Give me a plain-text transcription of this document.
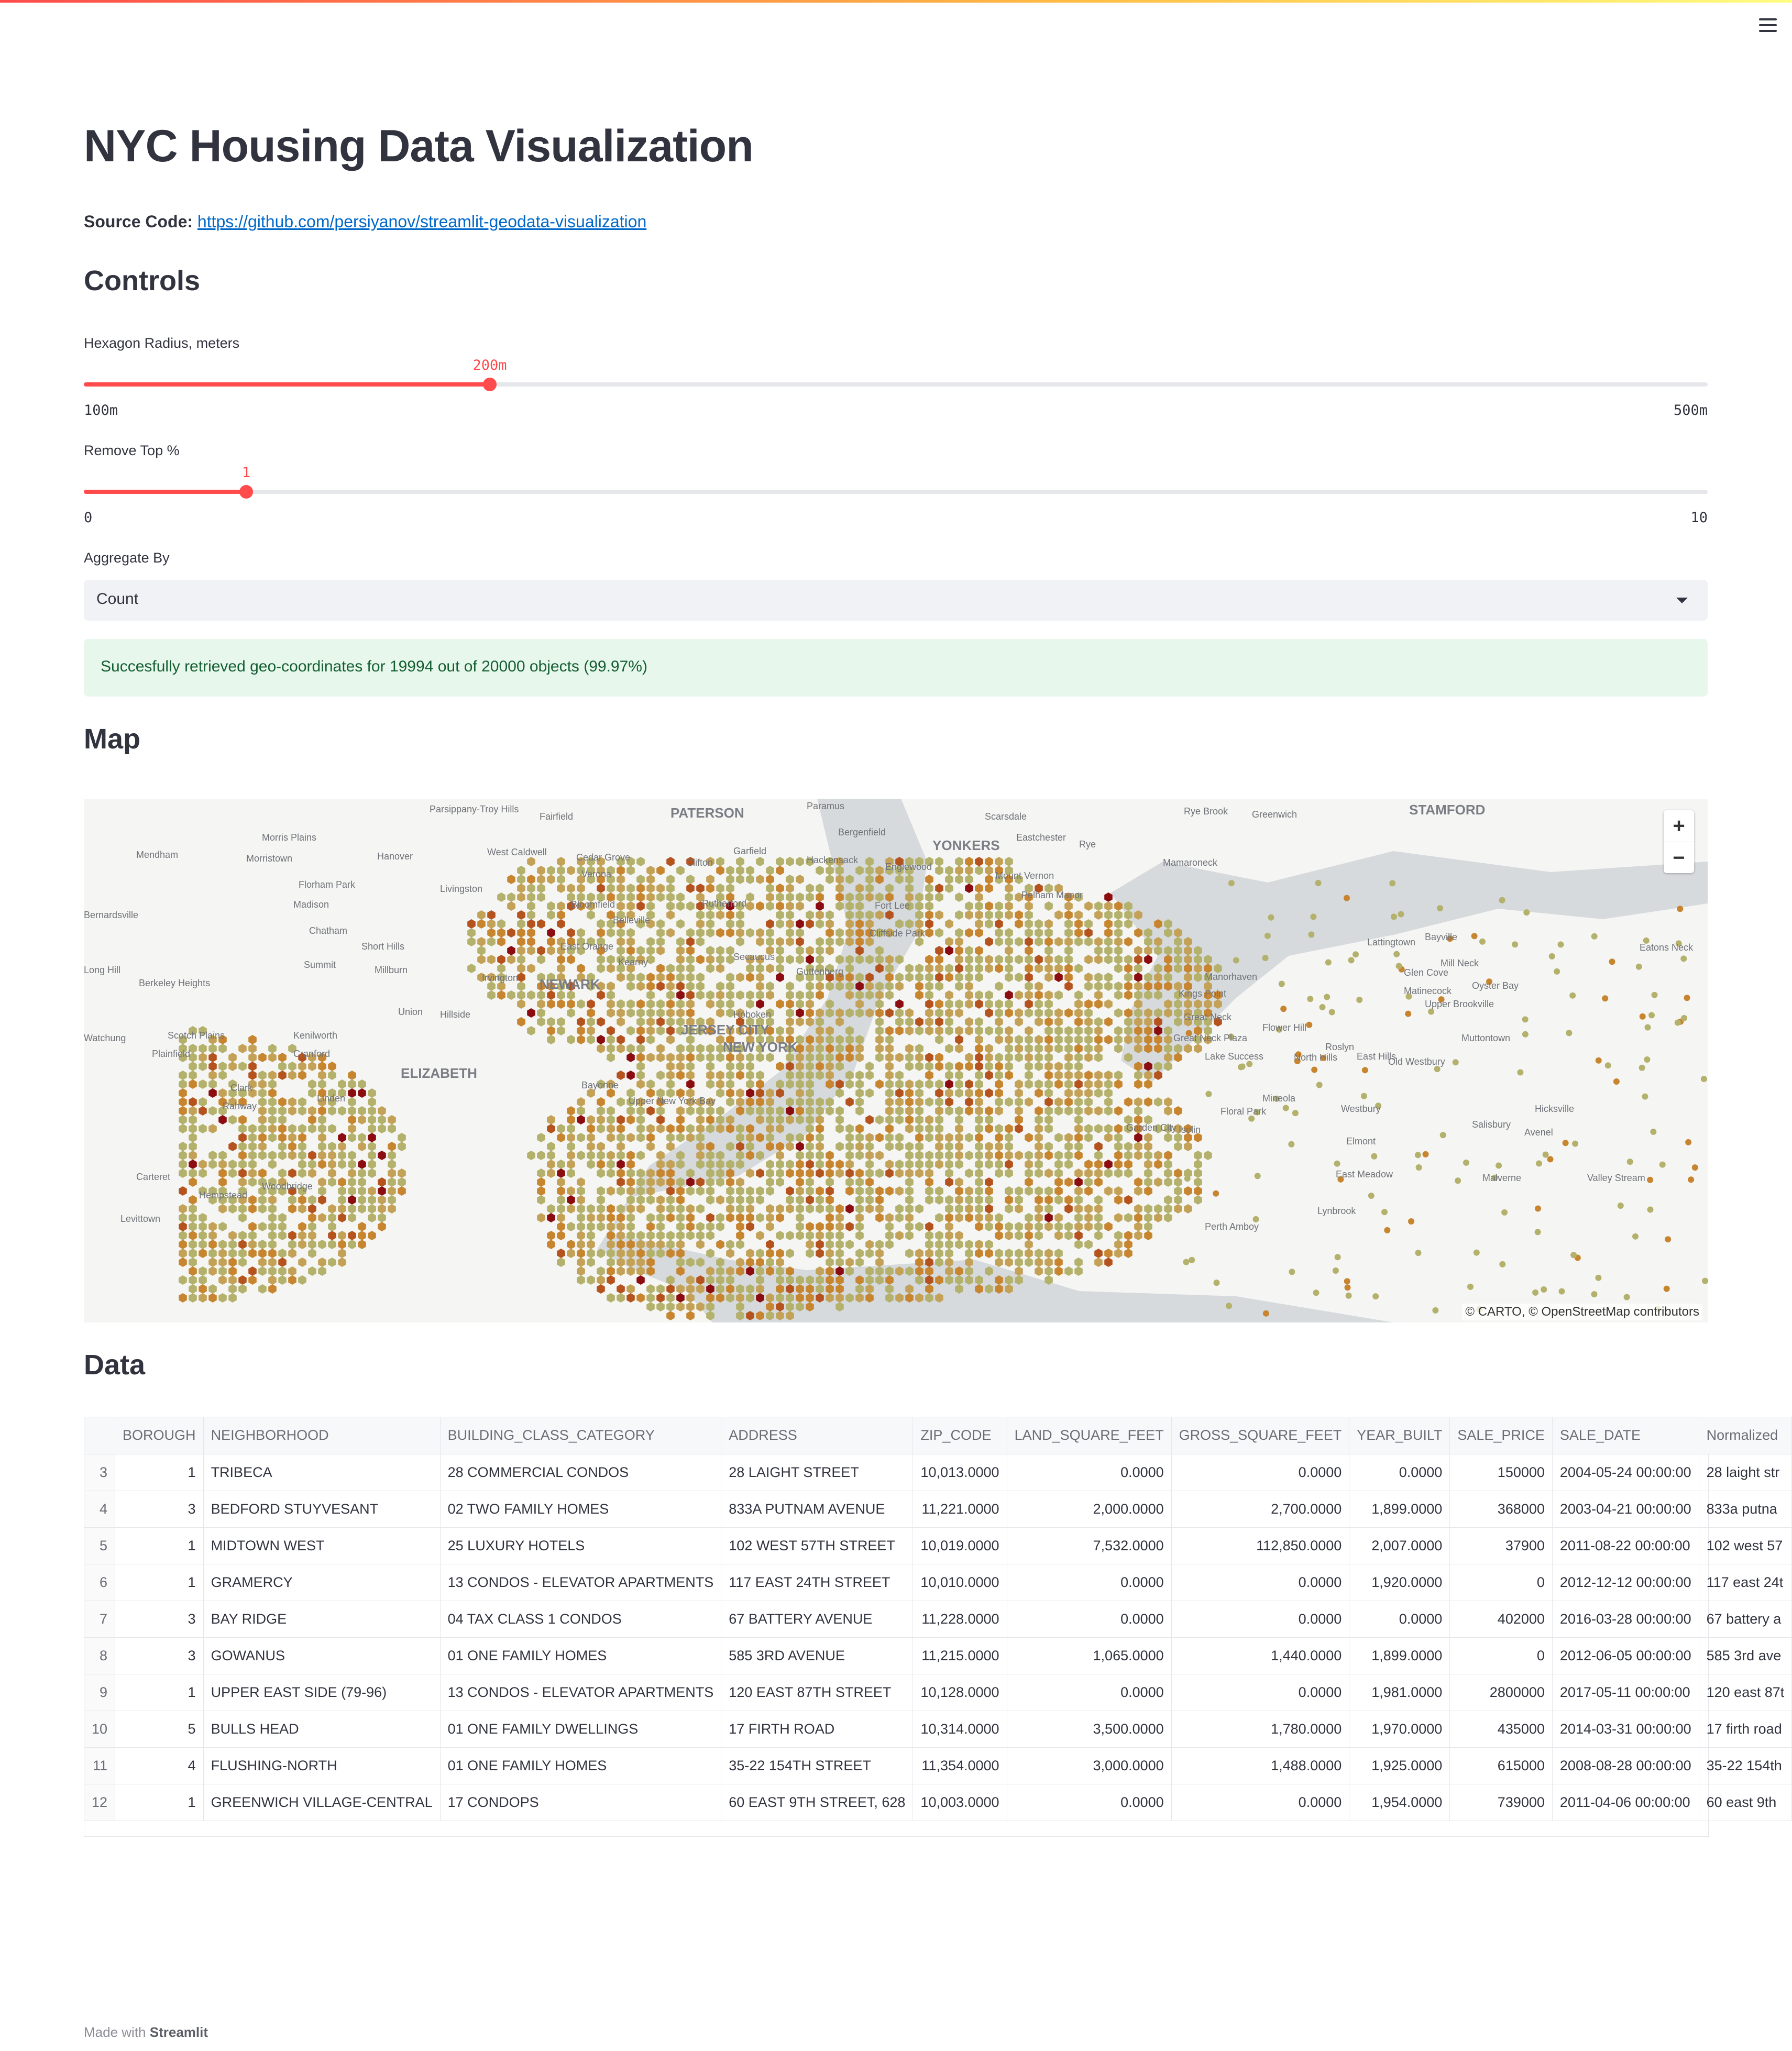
NYC Housing Data Visualization
Source Code: https://github.com/persiyanov/streamlit-geodata-visualization
Controls
Hexagon Radius, meters
200m
100m	500m
Remove Top %
1
0	10
Aggregate By
Count
Succesfully retrieved geo-coordinates for 19994 out of 20000 objects (99.97%)
Map
Parsippany-Troy Hills
Fairfield	PATERSON	Paramus
Scarsdale	Rye Brook	Greenwich	STAMFORD
Morris Plains
Mendham	Morristown	Hanover	West Caldwell	Cedar Grove
Garfield
Bergenfield
YONKERS Eastchester
Rye
Hackensack
Englewood
Clifton
Verona	Mount Vernon
Mamaroneck
Florham Park	Livingston
Pelham Manor
Madison	Bloomfield	Rutherford	Fort Lee
Bernardsville	Belleville
Chatham	Cliffside Park
Short Hills	East Orange
Secaucus
Lattingtown Bayville
Summit	Millburn
Kearny
Guttenberg
Mill Neck
Eatons Neck
Long Hill
Irvington	Manorhaven	Glen Cove
Berkeley Heights	NEWARK	Matinecock Oyster Bay
Kings Point
Upper Brookville
Union Hillside	Hoboken	Great Neck
Flower Hill
Scotch Plains	Kenilworth	JERSEY CITY
Great Neck Plaza	Muttontown
Watchung
Roslyn
Plainfield	Cranford	NEW YORK
East Hills
Lake Success	North Hills
ELIZABETH
Old Westbury
Bayonne
Clark
Mineola
Upper New York Bay
Rahway
Linden
Westbury	Hicksville
Floral Park
Salisbury
Garden City
Elmont
Iselin	Avenel
Carteret
Hempstead
Woodbridge
East Meadow
Levittown
Malverne	Valley Stream
Lynbrook
Perth Amboy
+
−
© CARTO, © OpenStreetMap contributors
Data
	BOROUGH	NEIGHBORHOOD	BUILDING_CLASS_CATEGORY	ADDRESS	ZIP_CODE	LAND_SQUARE_FEET	GROSS_SQUARE_FEET	YEAR_BUILT	SALE_PRICE	SALE_DATE	Normalized
3	1	TRIBECA	28 COMMERCIAL CONDOS	28 LAIGHT STREET	10,013.0000	0.0000	0.0000	0.0000	150000	2004-05-24 00:00:00	28 laight str
4	3	BEDFORD STUYVESANT	02 TWO FAMILY HOMES	833A PUTNAM AVENUE	11,221.0000	2,000.0000	2,700.0000	1,899.0000	368000	2003-04-21 00:00:00	833a putna
5	1	MIDTOWN WEST	25 LUXURY HOTELS	102 WEST 57TH STREET	10,019.0000	7,532.0000	112,850.0000	2,007.0000	37900	2011-08-22 00:00:00	102 west 57
6	1	GRAMERCY	13 CONDOS - ELEVATOR APARTMENTS	117 EAST 24TH STREET	10,010.0000	0.0000	0.0000	1,920.0000	0	2012-12-12 00:00:00	117 east 24t
7	3	BAY RIDGE	04 TAX CLASS 1 CONDOS	67 BATTERY AVENUE	11,228.0000	0.0000	0.0000	0.0000	402000	2016-03-28 00:00:00	67 battery a
8	3	GOWANUS	01 ONE FAMILY HOMES	585 3RD AVENUE	11,215.0000	1,065.0000	1,440.0000	1,899.0000	0	2012-06-05 00:00:00	585 3rd ave
9	1	UPPER EAST SIDE (79-96)	13 CONDOS - ELEVATOR APARTMENTS	120 EAST 87TH STREET	10,128.0000	0.0000	0.0000	1,981.0000	2800000	2017-05-11 00:00:00	120 east 87t
10	5	BULLS HEAD	01 ONE FAMILY DWELLINGS	17 FIRTH ROAD	10,314.0000	3,500.0000	1,780.0000	1,970.0000	435000	2014-03-31 00:00:00	17 firth road
11	4	FLUSHING-NORTH	01 ONE FAMILY HOMES	35-22 154TH STREET	11,354.0000	3,000.0000	1,488.0000	1,925.0000	615000	2008-08-28 00:00:00	35-22 154th
12	1	GREENWICH VILLAGE-CENTRAL	17 CONDOPS	60 EAST 9TH STREET, 628	10,003.0000	0.0000	0.0000	1,954.0000	739000	2011-04-06 00:00:00	60 east 9th
Made with Streamlit
